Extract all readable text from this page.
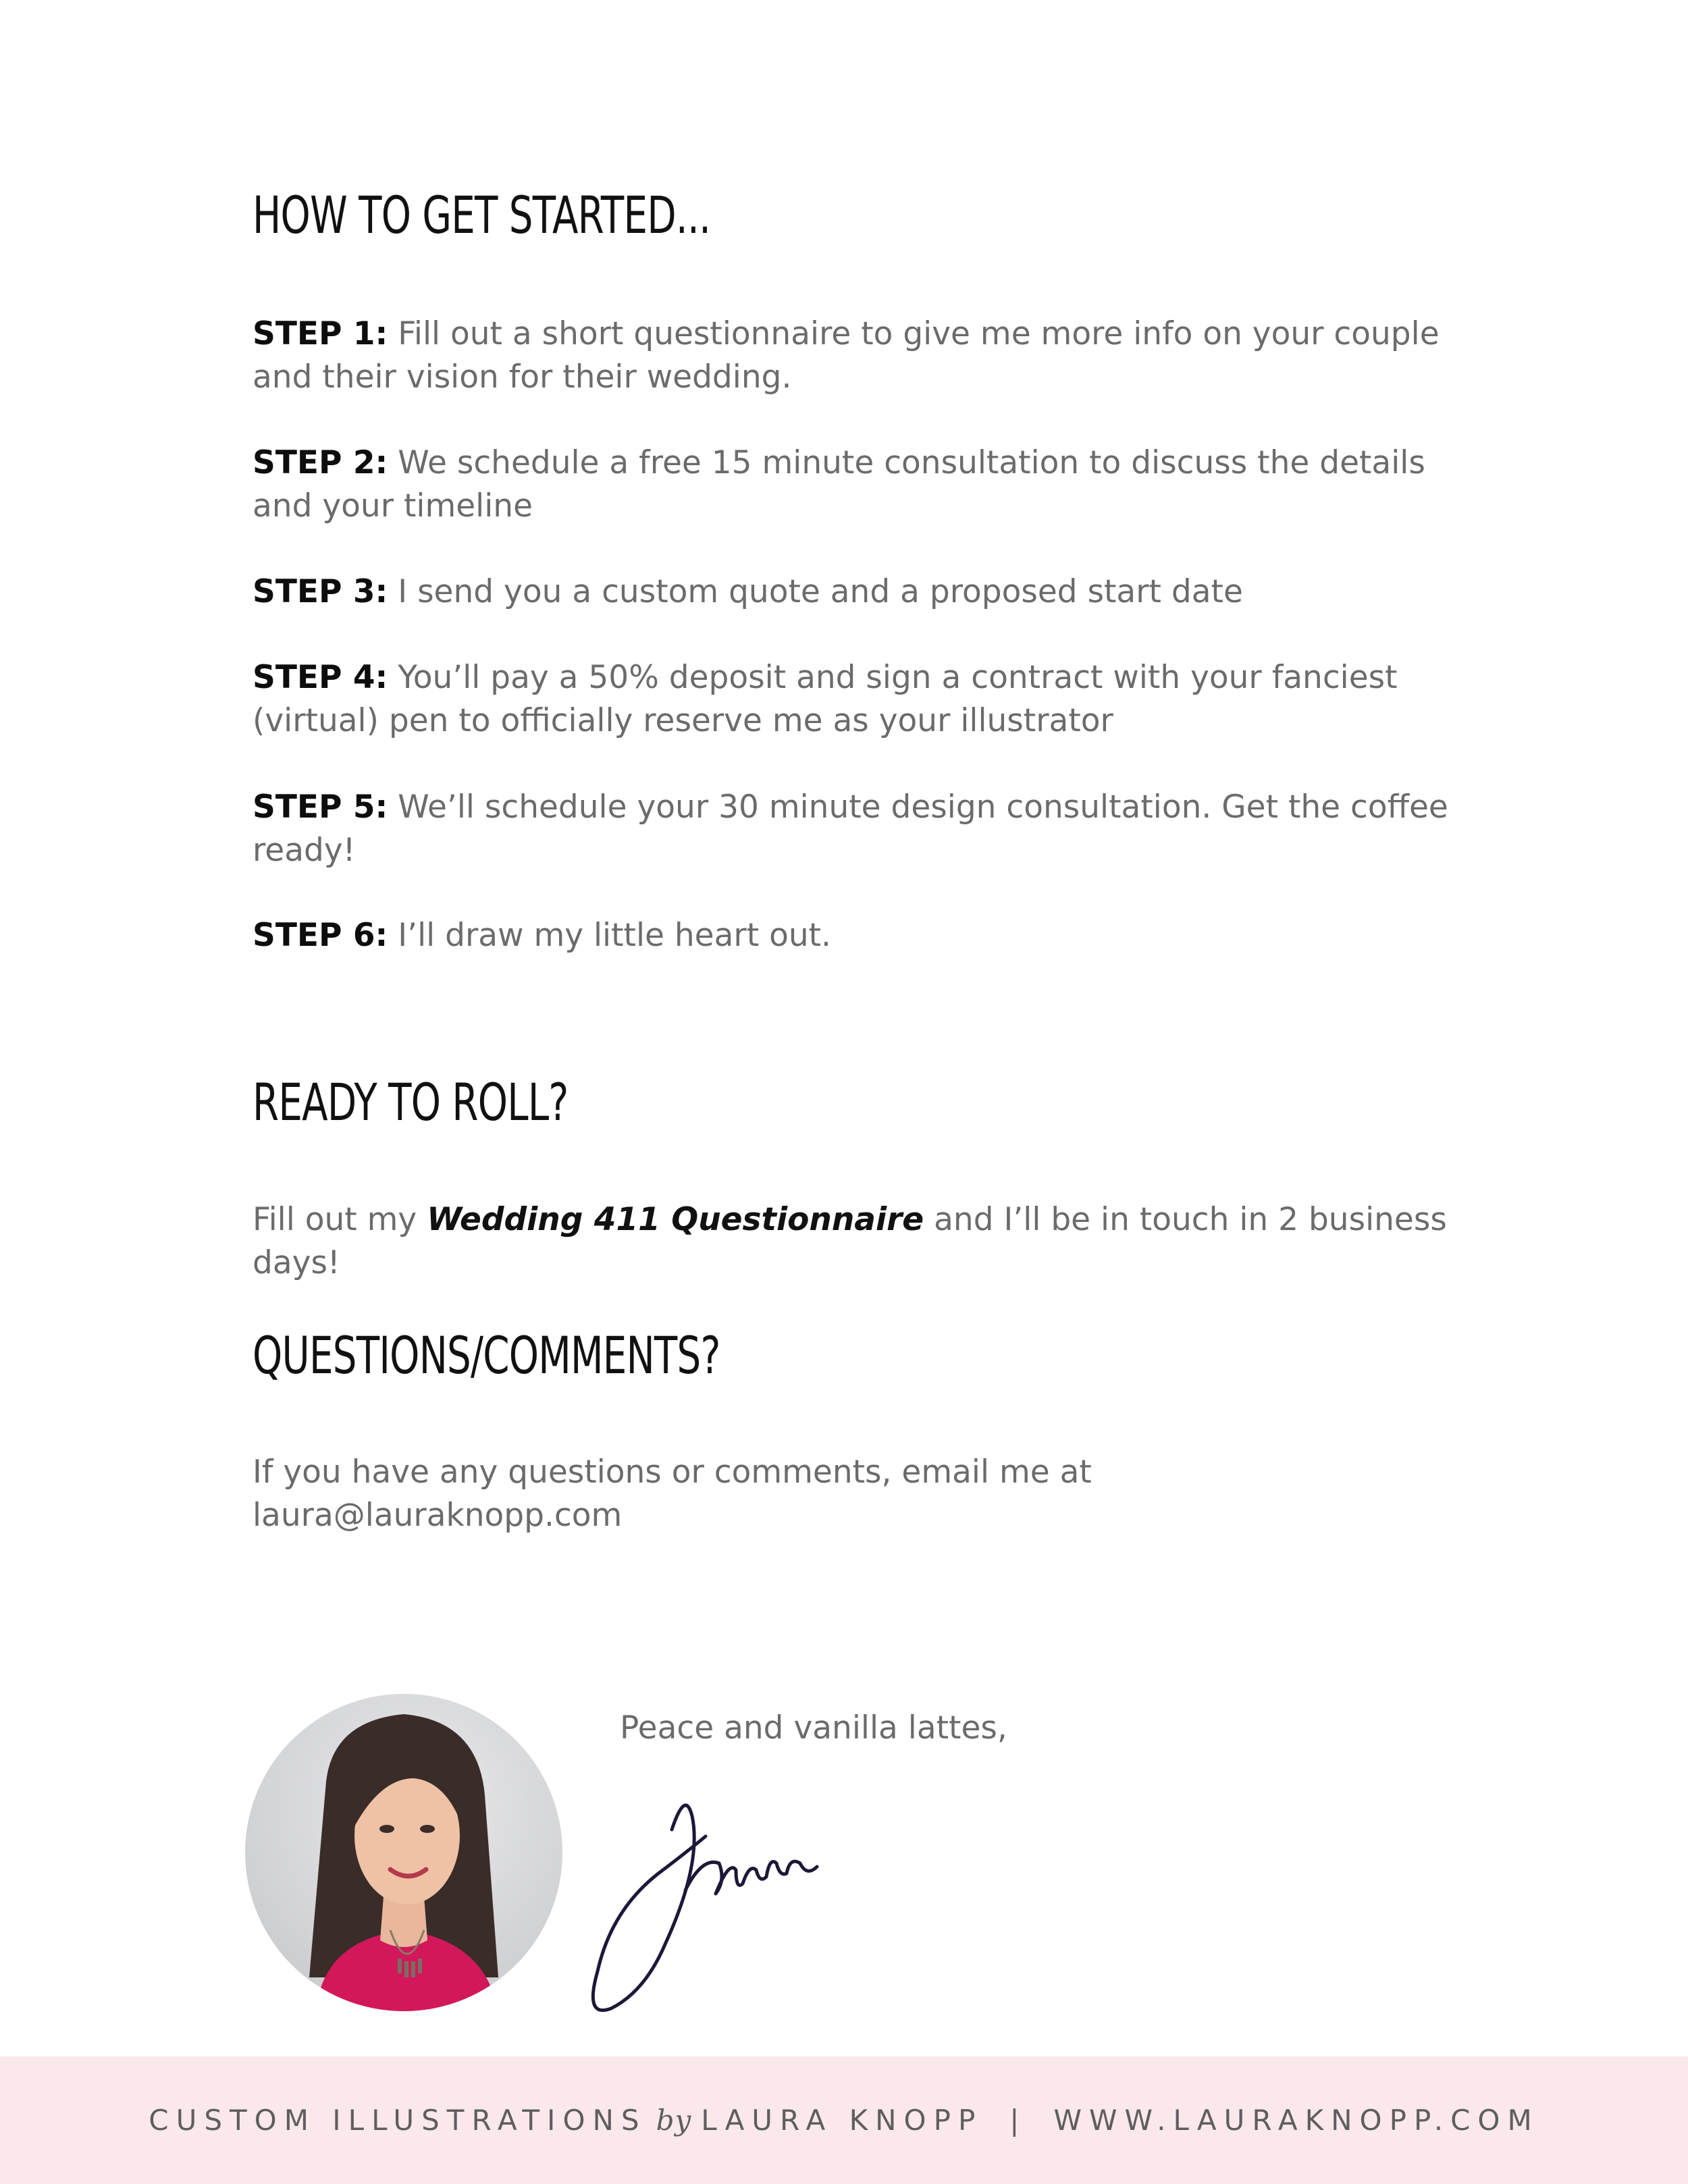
HOW TO GET STARTED...

STEP 1: Fill out a short questionnaire to give me more info on your couple and their vision for their wedding.

STEP 2: We schedule a free 15 minute consultation to discuss the details and your timeline

STEP 3: I send you a custom quote and a proposed start date

STEP 4: You’ll pay a 50% deposit and sign a contract with your fanciest (virtual) pen to officially reserve me as your illustrator

STEP 5: We’ll schedule your 30 minute design consultation. Get the coffee ready!

STEP 6: I’ll draw my little heart out.

READY TO ROLL?

Fill out my Wedding 411 Questionnaire and I’ll be in touch in 2 business days!

QUESTIONS/COMMENTS?

If you have any questions or comments, email me at laura@lauraknopp.com

Peace and vanilla lattes,

CUSTOM ILLUSTRATIONS by LAURA KNOPP | WWW.LAURAKNOPP.COM
